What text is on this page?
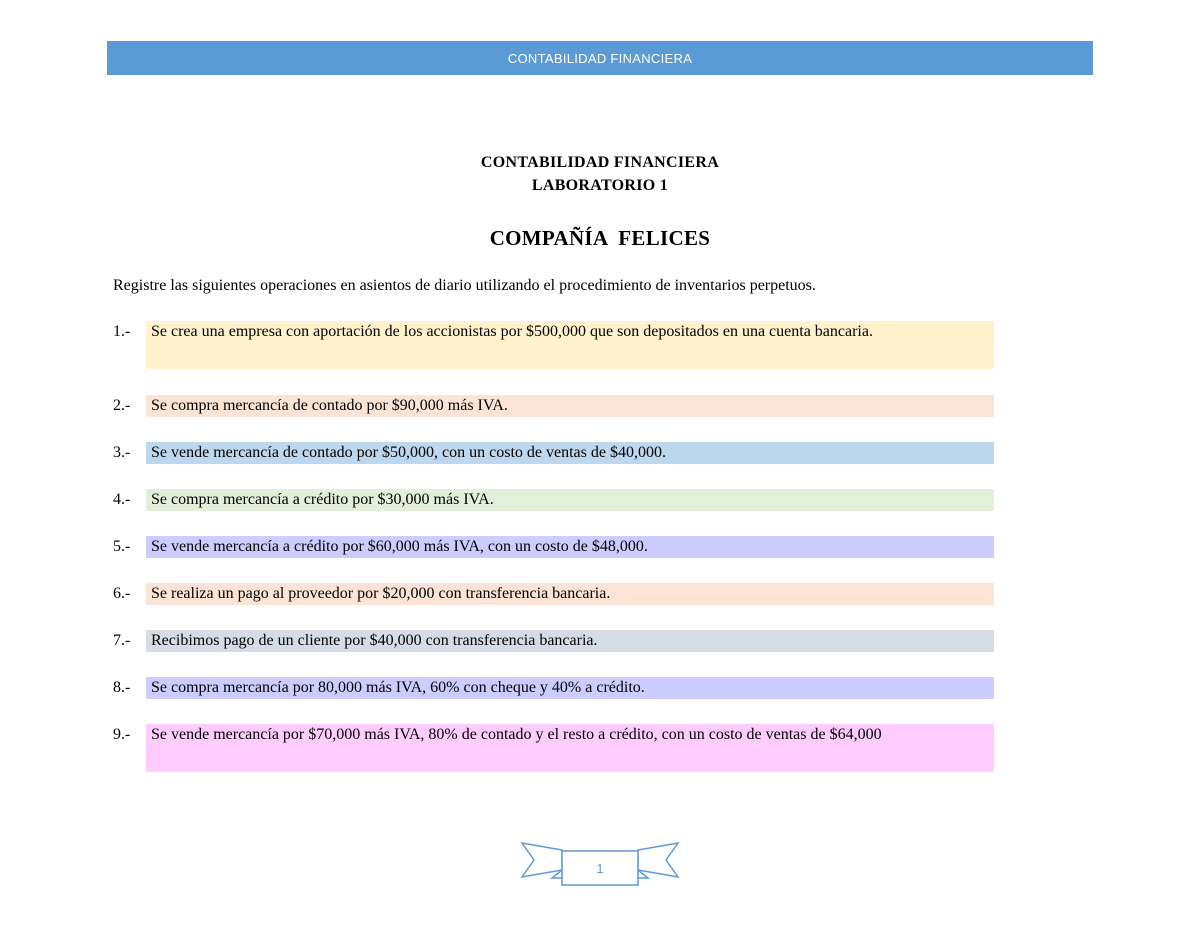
CONTABILIDAD FINANCIERA
CONTABILIDAD FINANCIERA
LABORATORIO 1
COMPAÑÍA  FELICES
Registre las siguientes operaciones en asientos de diario utilizando el procedimiento de inventarios perpetuos.
1.-	Se crea una empresa con aportación de los accionistas por $500,000 que son depositados en una cuenta bancaria.
2.-	Se compra mercancía de contado por $90,000 más IVA.
3.-	Se vende mercancía de contado por $50,000, con un costo de ventas de $40,000.
4.-	Se compra mercancía a crédito por $30,000 más IVA.
5.-	Se vende mercancía a crédito por $60,000 más IVA, con un costo de $48,000.
6.-	Se realiza un pago al proveedor por $20,000 con transferencia bancaria.
7.-	Recibimos pago de un cliente por $40,000 con transferencia bancaria.
8.-	Se compra mercancía por 80,000 más IVA, 60% con cheque y 40% a crédito.
9.-	Se vende mercancía por $70,000 más IVA, 80% de contado y el resto a crédito, con un costo de ventas de $64,000
1
